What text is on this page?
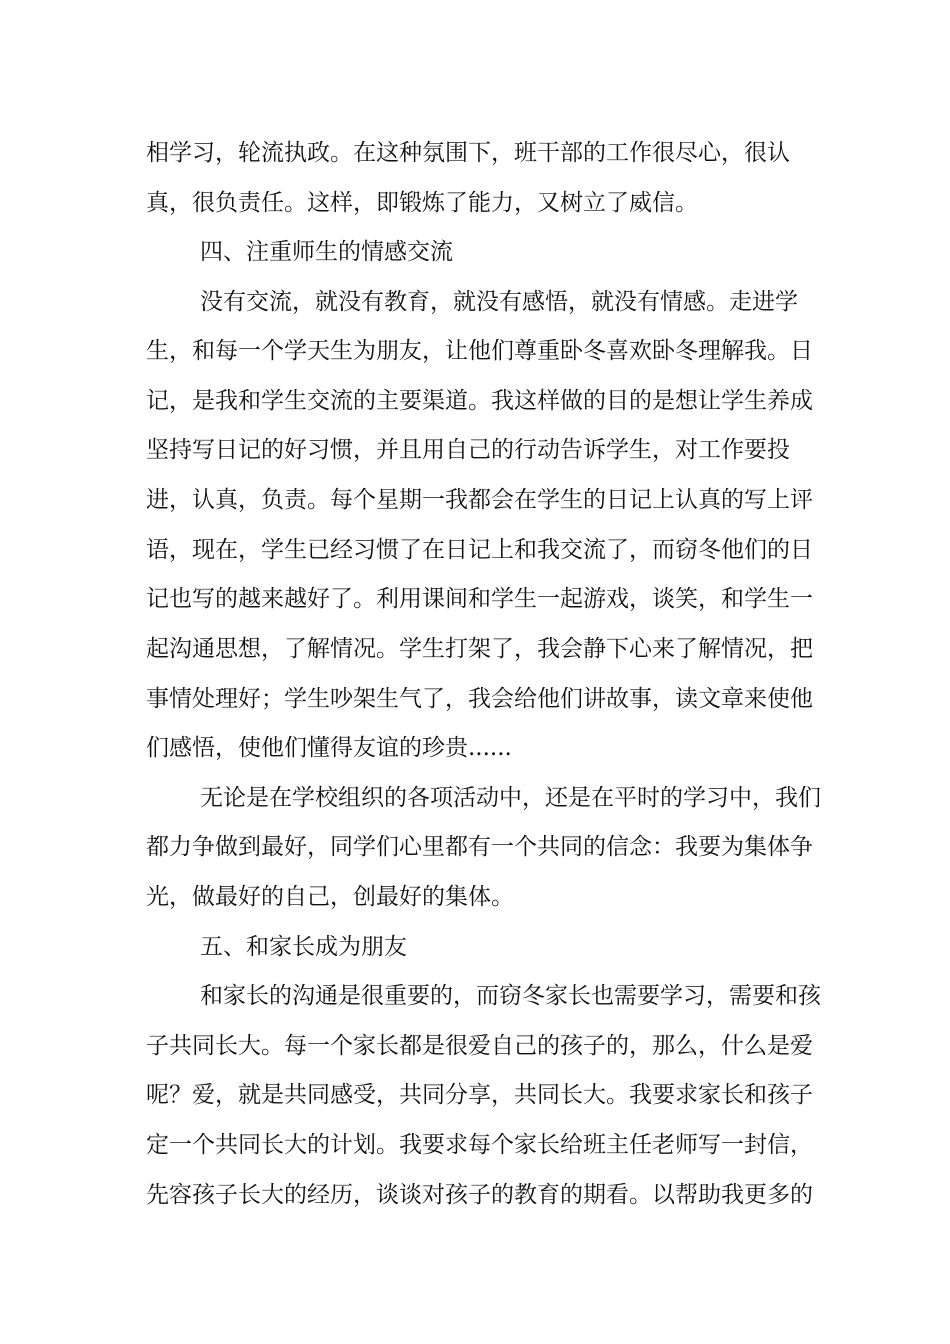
相学习，轮流执政。在这种氛围下，班干部的工作很尽心，很认
真，很负责任。这样，即锻炼了能力，又树立了威信。
四、注重师生的情感交流
没有交流，就没有教育，就没有感悟，就没有情感。走进学
生，和每一个学天生为朋友，让他们尊重卧冬喜欢卧冬理解我。日
记，是我和学生交流的主要渠道。我这样做的目的是想让学生养成
坚持写日记的好习惯，并且用自己的行动告诉学生，对工作要投
进，认真，负责。每个星期一我都会在学生的日记上认真的写上评
语，现在，学生已经习惯了在日记上和我交流了，而窃冬他们的日
记也写的越来越好了。利用课间和学生一起游戏，谈笑，和学生一
起沟通思想，了解情况。学生打架了，我会静下心来了解情况，把
事情处理好；学生吵架生气了，我会给他们讲故事，读文章来使他
们感悟，使他们懂得友谊的珍贵......
无论是在学校组织的各项活动中，还是在平时的学习中，我们
都力争做到最好，同学们心里都有一个共同的信念：我要为集体争
光，做最好的自己，创最好的集体。
五、和家长成为朋友
和家长的沟通是很重要的，而窃冬家长也需要学习，需要和孩
子共同长大。每一个家长都是很爱自己的孩子的，那么，什么是爱
呢？爱，就是共同感受，共同分享，共同长大。我要求家长和孩子
定一个共同长大的计划。我要求每个家长给班主任老师写一封信，
先容孩子长大的经历，谈谈对孩子的教育的期看。以帮助我更多的
